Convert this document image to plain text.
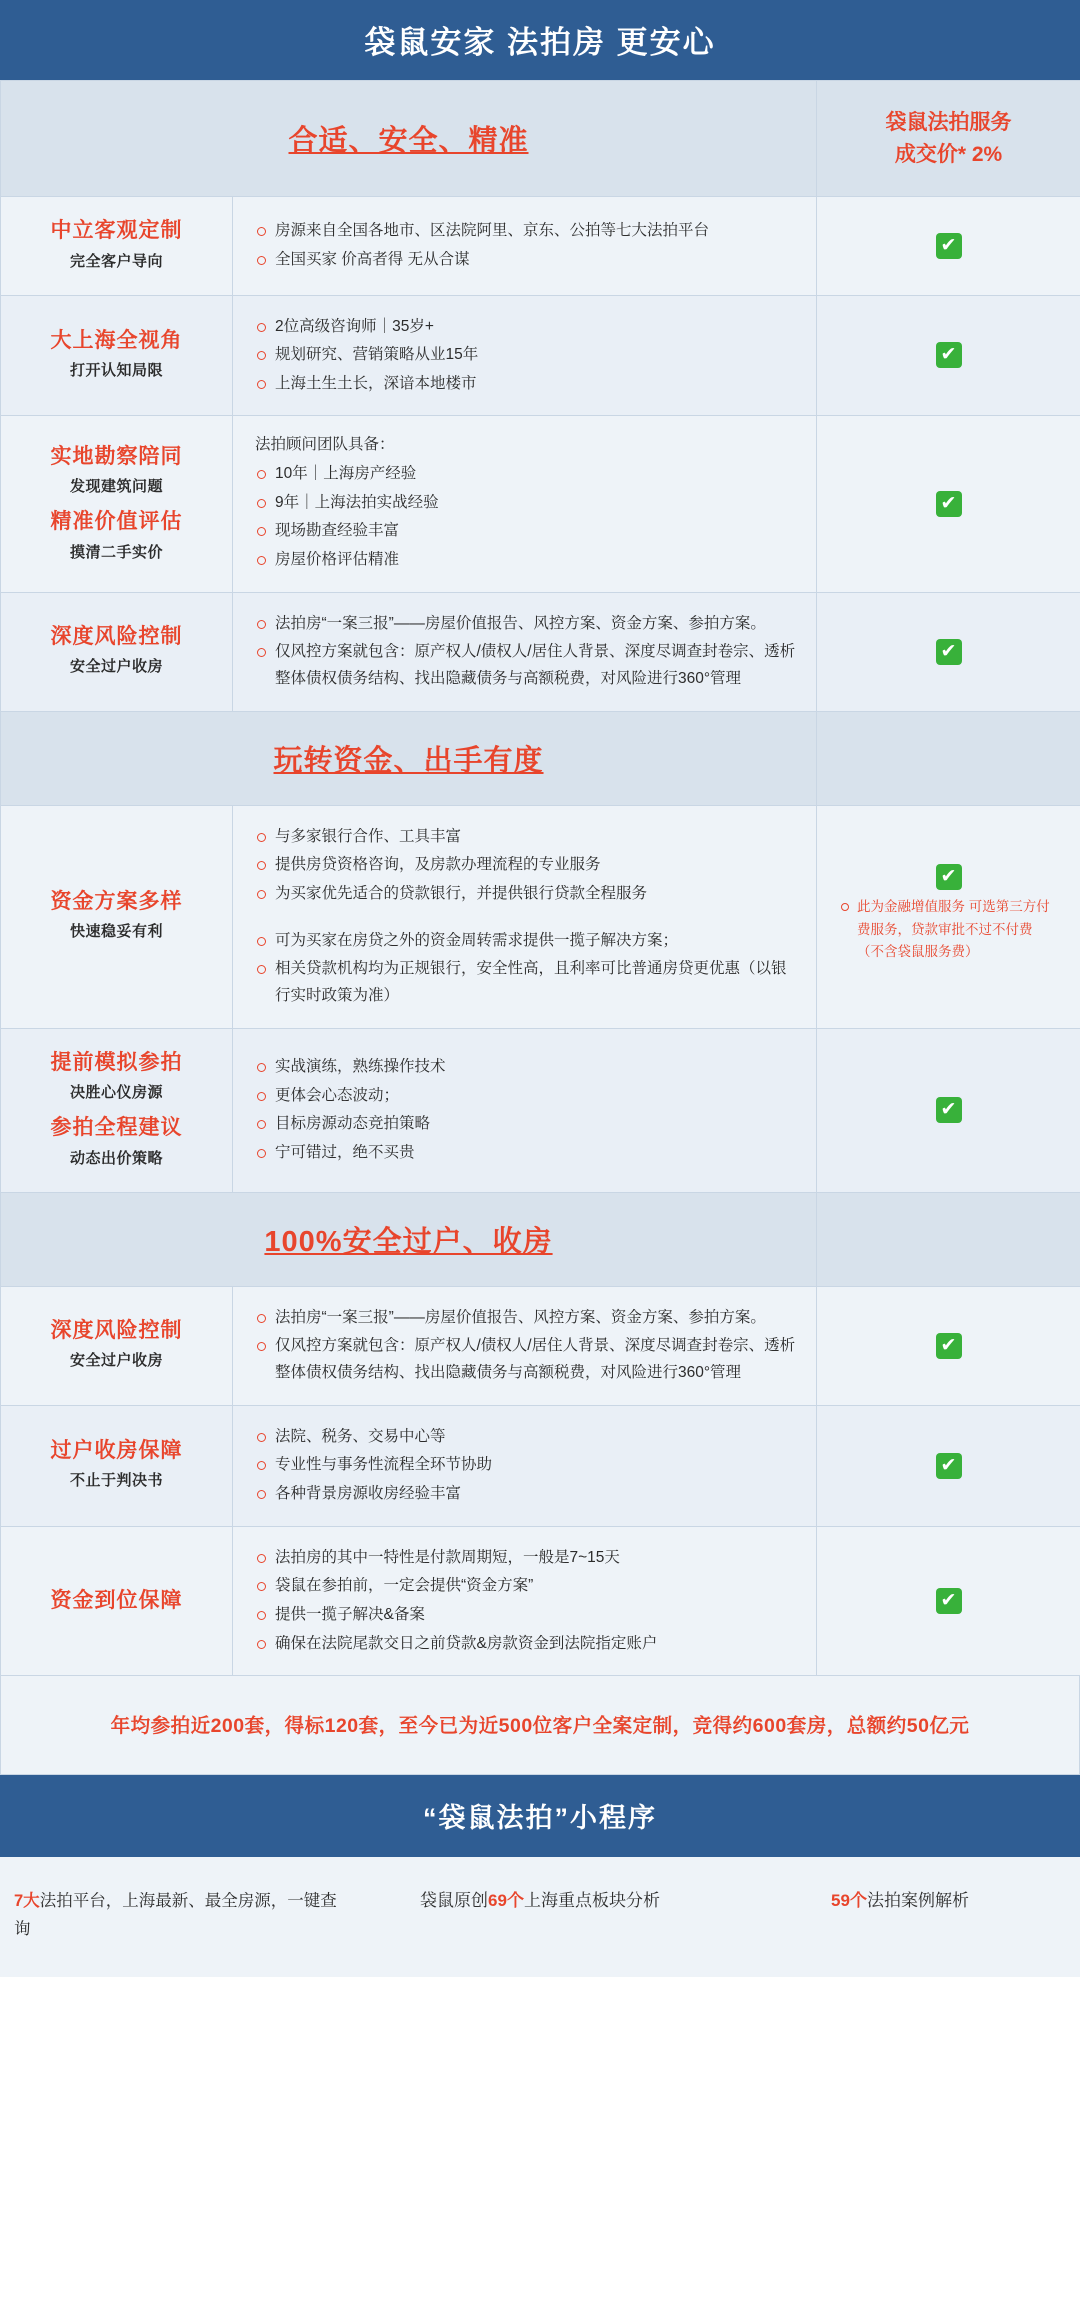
袋鼠安家 法拍房 更安心
合适、安全、精准		袋鼠法拍服务
成交价* 2%

中立客观定制
完全客户导向

房源来自全国各地市、区法院阿里、京东、公拍等七大法拍平台
全国买家 价高者得 无从合谋
	✔

大上海全视角
打开认知局限

2位高级咨询师｜35岁+
规划研究、营销策略从业15年
上海土生土长，深谙本地楼市
	✔

实地勘察陪同
发现建筑问题
精准价值评估
摸清二手实价

法拍顾问团队具备：
10年｜上海房产经验
9年｜上海法拍实战经验
现场勘查经验丰富
房屋价格评估精准
	✔

深度风险控制
安全过户收房

法拍房“一案三报”——房屋价值报告、风控方案、资金方案、参拍方案。
仅风控方案就包含：原产权人/债权人/居住人背景、深度尽调查封卷宗、透析整体债权债务结构、找出隐藏债务与高额税费，对风险进行360°管理
	✔
玩转资金、出手有度		

资金方案多样
快速稳妥有利

与多家银行合作、工具丰富
提供房贷资格咨询，及房款办理流程的专业服务
为买家优先适合的贷款银行，并提供银行贷款全程服务
可为买家在房贷之外的资金周转需求提供一揽子解决方案；
相关贷款机构均为正规银行，安全性高，且利率可比普通房贷更优惠（以银行实时政策为准）

✔
此为金融增值服务 可选第三方付费服务，贷款审批不过不付费（不含袋鼠服务费）

提前模拟参拍
决胜心仪房源
参拍全程建议
动态出价策略

实战演练，熟练操作技术
更体会心态波动；
目标房源动态竞拍策略
宁可错过，绝不买贵
	✔
100%安全过户、收房		

深度风险控制
安全过户收房

法拍房“一案三报”——房屋价值报告、风控方案、资金方案、参拍方案。
仅风控方案就包含：原产权人/债权人/居住人背景、深度尽调查封卷宗、透析整体债权债务结构、找出隐藏债务与高额税费，对风险进行360°管理
	✔

过户收房保障
不止于判决书

法院、税务、交易中心等
专业性与事务性流程全环节协助
各种背景房源收房经验丰富
	✔

资金到位保障

法拍房的其中一特性是付款周期短，一般是7~15天
袋鼠在参拍前，一定会提供“资金方案”
提供一揽子解决&备案
确保在法院尾款交日之前贷款&房款资金到法院指定账户
	✔
年均参拍近200套，得标120套，至今已为近500位客户全案定制，竞得约600套房，总额约50亿元
“袋鼠法拍”小程序
7大法拍平台，上海最新、最全房源，一键查询
袋鼠原创69个上海重点板块分析	59个法拍案例解析
